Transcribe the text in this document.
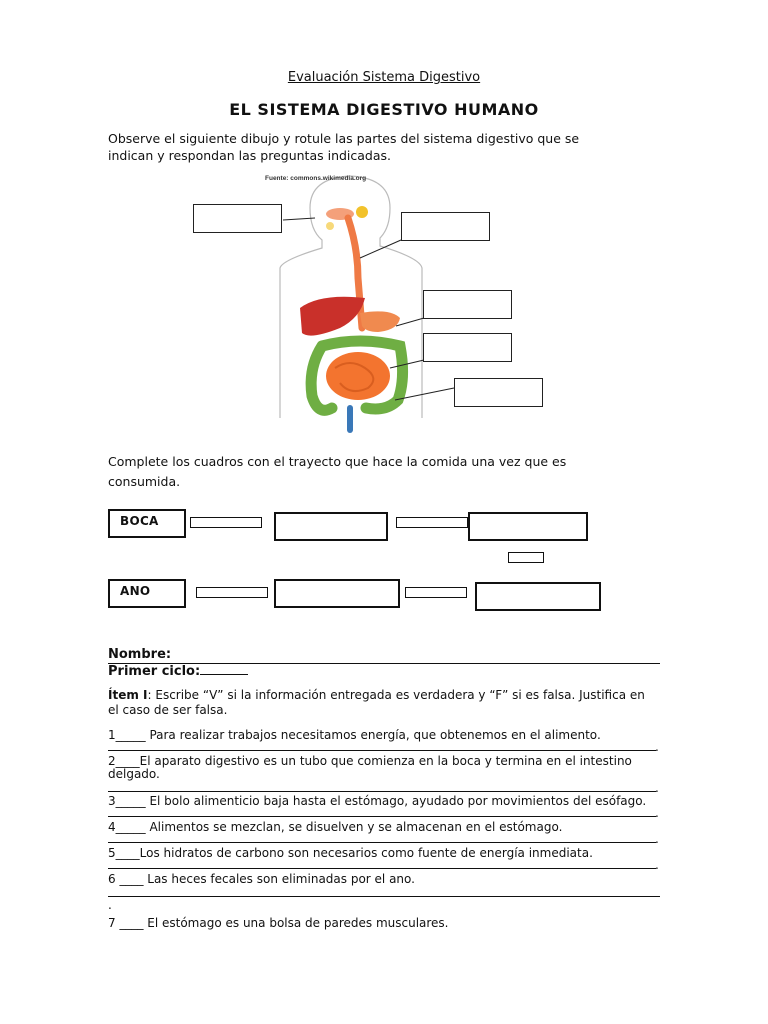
Evaluación Sistema Digestivo
EL SISTEMA DIGESTIVO HUMANO
Observe el siguiente dibujo y rotule las partes del sistema digestivo que se
indican y respondan las preguntas indicadas.
Fuente: commons.wikimedia.org
Complete los cuadros con el trayecto que hace la comida una vez que es
consumida.
BOCA
ANO
Nombre:
Primer ciclo:
Ítem I: Escribe “V” si la información entregada es verdadera y “F” si es falsa. Justifica en
el caso de ser falsa.
1_____ Para realizar trabajos necesitamos energía, que obtenemos en el alimento.
.
2____El aparato digestivo es un tubo que comienza en la boca y termina en el intestino
delgado.
.
3_____ El bolo alimenticio baja hasta el estómago, ayudado por movimientos del esófago.
.
4_____ Alimentos se mezclan, se disuelven y se almacenan en el estómago.
.
5____Los hidratos de carbono son necesarios como fuente de energía inmediata.
.
6 ____ Las heces fecales son eliminadas por el ano.
.
7 ____ El estómago es una bolsa de paredes musculares.
